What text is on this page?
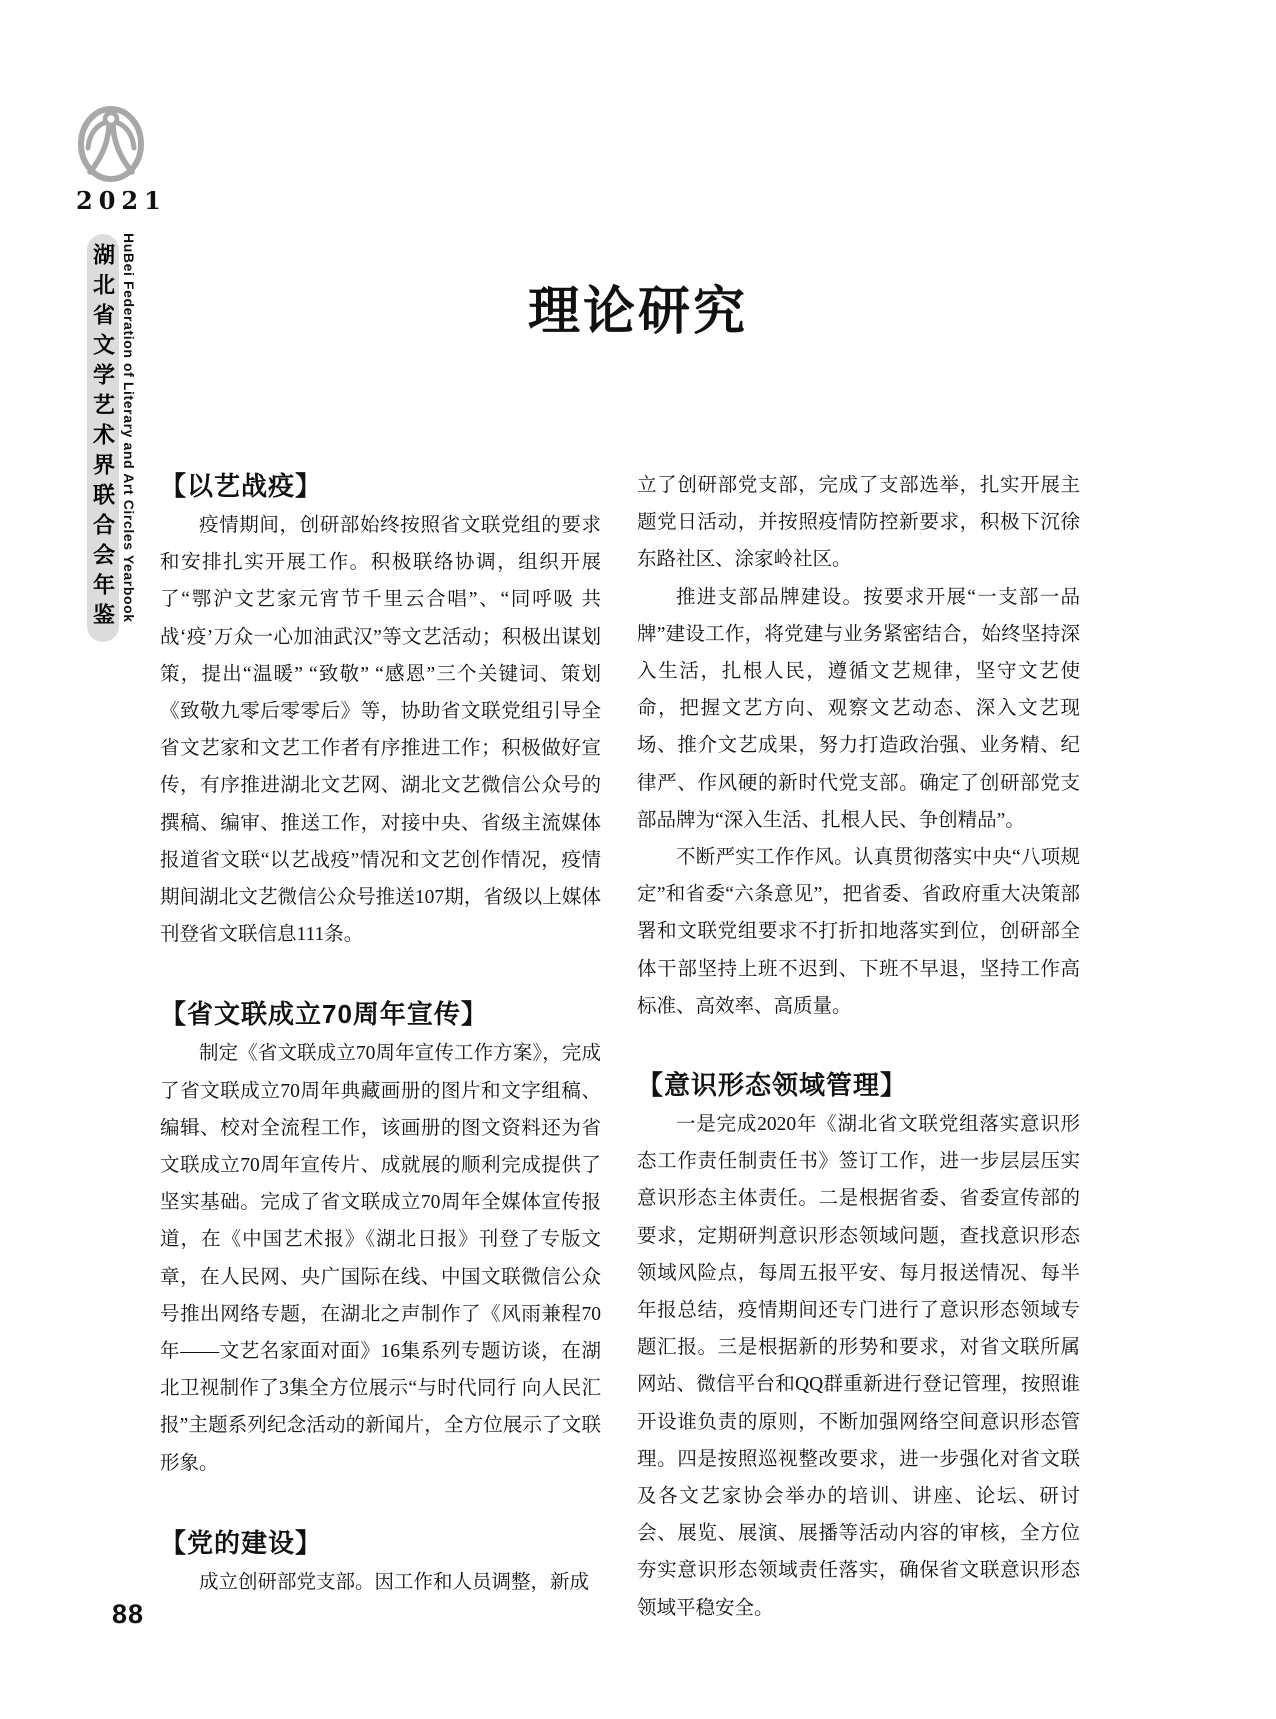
2021
湖北省文学艺术界联合会年鉴 HuBei Federation of Literary and Art Circles Yearbook	理论研究
【以艺战疫】

疫情期间，创研部始终按照省文联党组的要求和安排扎实开展工作。积极联络协调，组织开展了“鄂沪文艺家元宵节千里云合唱”、“同呼吸 共战‘疫’万众一心加油武汉”等文艺活动；积极出谋划策，提出“温暖” “致敬” “感恩”三个关键词、策划《致敬九零后零零后》等，协助省文联党组引导全省文艺家和文艺工作者有序推进工作；积极做好宣传，有序推进湖北文艺网、湖北文艺微信公众号的撰稿、编审、推送工作，对接中央、省级主流媒体报道省文联“以艺战疫”情况和文艺创作情况，疫情期间湖北文艺微信公众号推送107期，省级以上媒体刊登省文联信息111条。

【省文联成立70周年宣传】

制定《省文联成立70周年宣传工作方案》，完成了省文联成立70周年典藏画册的图片和文字组稿、编辑、校对全流程工作，该画册的图文资料还为省文联成立70周年宣传片、成就展的顺利完成提供了坚实基础。完成了省文联成立70周年全媒体宣传报道，在《中国艺术报》《湖北日报》刊登了专版文章，在人民网、央广国际在线、中国文联微信公众号推出网络专题，在湖北之声制作了《风雨兼程70年——文艺名家面对面》16集系列专题访谈，在湖北卫视制作了3集全方位展示“与时代同行 向人民汇报”主题系列纪念活动的新闻片，全方位展示了文联形象。

【党的建设】

成立创研部党支部。因工作和人员调整，新成

立了创研部党支部，完成了支部选举，扎实开展主题党日活动，并按照疫情防控新要求，积极下沉徐东路社区、涂家岭社区。

推进支部品牌建设。按要求开展“一支部一品牌”建设工作，将党建与业务紧密结合，始终坚持深入生活，扎根人民，遵循文艺规律，坚守文艺使命，把握文艺方向、观察文艺动态、深入文艺现场、推介文艺成果，努力打造政治强、业务精、纪律严、作风硬的新时代党支部。确定了创研部党支部品牌为“深入生活、扎根人民、争创精品”。

不断严实工作作风。认真贯彻落实中央“八项规定”和省委“六条意见”，把省委、省政府重大决策部署和文联党组要求不打折扣地落实到位，创研部全体干部坚持上班不迟到、下班不早退，坚持工作高标准、高效率、高质量。

【意识形态领域管理】

一是完成2020年《湖北省文联党组落实意识形态工作责任制责任书》签订工作，进一步层层压实意识形态主体责任。二是根据省委、省委宣传部的要求，定期研判意识形态领域问题，查找意识形态领域风险点，每周五报平安、每月报送情况、每半年报总结，疫情期间还专门进行了意识形态领域专题汇报。三是根据新的形势和要求，对省文联所属网站、微信平台和QQ群重新进行登记管理，按照谁开设谁负责的原则，不断加强网络空间意识形态管理。四是按照巡视整改要求，进一步强化对省文联及各文艺家协会举办的培训、讲座、论坛、研讨会、展览、展演、展播等活动内容的审核，全方位夯实意识形态领域责任落实，确保省文联意识形态领域平稳安全。

88
